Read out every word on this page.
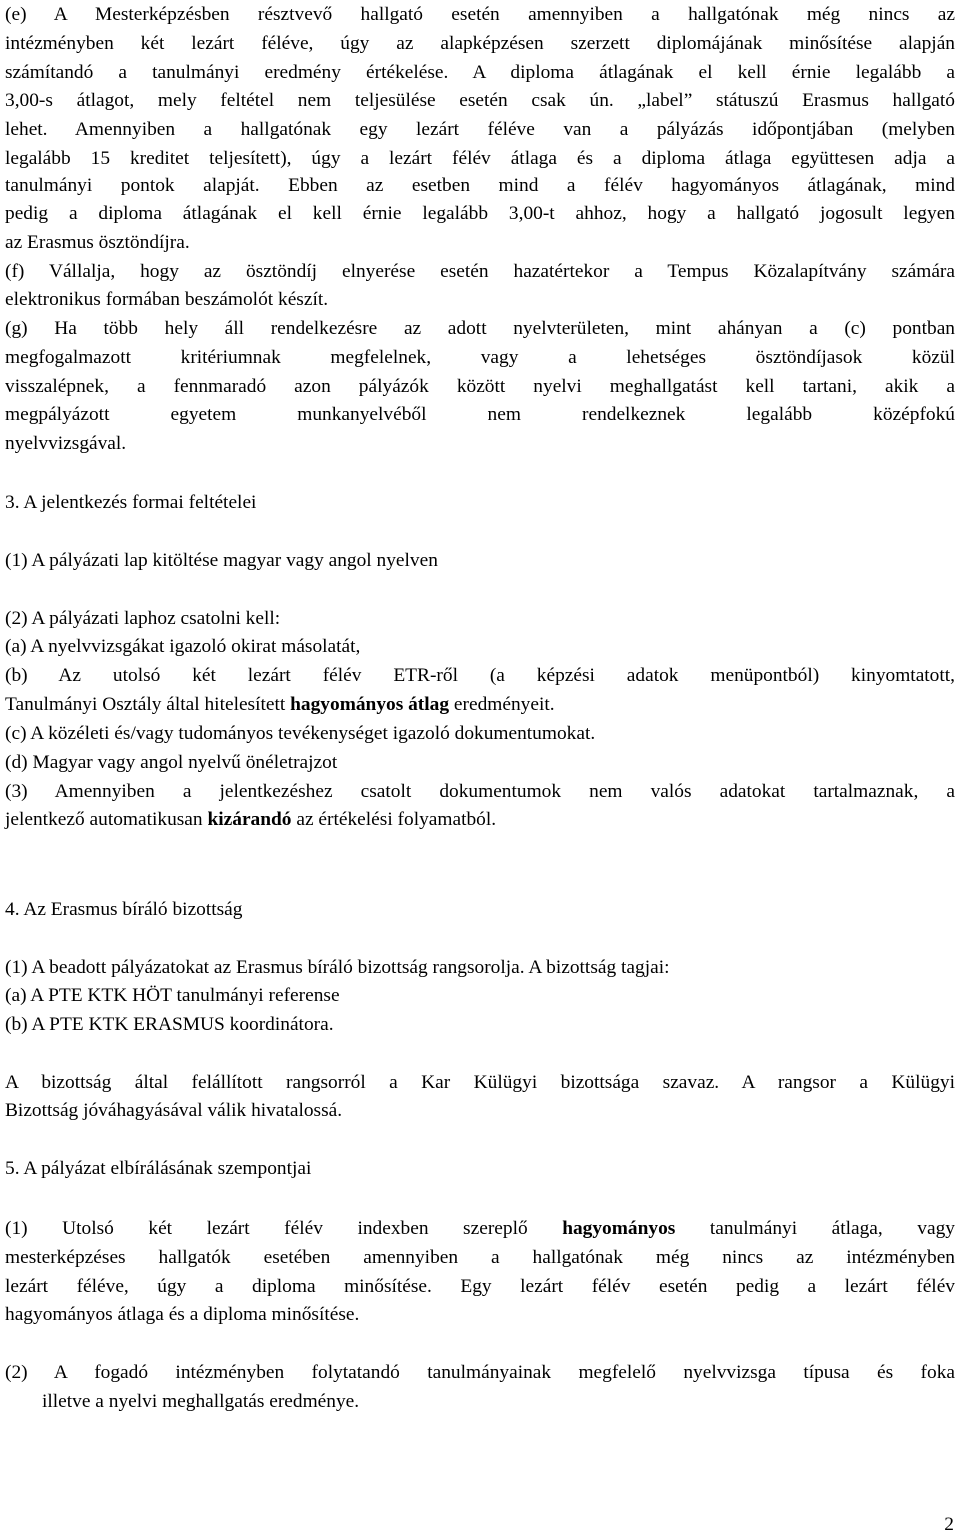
(e) A Mesterképzésben résztvevő hallgató esetén amennyiben a hallgatónak még nincs az
intézményben két lezárt féléve, úgy az alapképzésen szerzett diplomájának minősítése alapján
számítandó a tanulmányi eredmény értékelése. A diploma átlagának el kell érnie legalább a
3,00-s átlagot, mely feltétel nem teljesülése esetén csak ún. „label” státuszú Erasmus hallgató
lehet. Amennyiben a hallgatónak egy lezárt féléve van a pályázás időpontjában (melyben
legalább 15 kreditet teljesített), úgy a lezárt félév átlaga és a diploma átlaga együttesen adja a
tanulmányi pontok alapját. Ebben az esetben mind a félév hagyományos átlagának, mind
pedig a diploma átlagának el kell érnie legalább 3,00-t ahhoz, hogy a hallgató jogosult legyen
az Erasmus ösztöndíjra.
(f) Vállalja, hogy az ösztöndíj elnyerése esetén hazatértekor a Tempus Közalapítvány számára
elektronikus formában beszámolót készít.
(g) Ha több hely áll rendelkezésre az adott nyelvterületen, mint ahányan a (c) pontban
megfogalmazott kritériumnak megfelelnek, vagy a lehetséges ösztöndíjasok közül
visszalépnek, a fennmaradó azon pályázók között nyelvi meghallgatást kell tartani, akik a
megpályázott egyetem munkanyelvéből nem rendelkeznek legalább középfokú
nyelvvizsgával.
3. A jelentkezés formai feltételei
(1) A pályázati lap kitöltése magyar vagy angol nyelven
(2) A pályázati laphoz csatolni kell:
(a) A nyelvvizsgákat igazoló okirat másolatát,
(b) Az utolsó két lezárt félév ETR-ről (a képzési adatok menüpontból) kinyomtatott,
Tanulmányi Osztály által hitelesített hagyományos átlag eredményeit.
(c) A közéleti és/vagy tudományos tevékenységet igazoló dokumentumokat.
(d) Magyar vagy angol nyelvű önéletrajzot
(3) Amennyiben a jelentkezéshez csatolt dokumentumok nem valós adatokat tartalmaznak, a
jelentkező automatikusan kizárandó az értékelési folyamatból.
4. Az Erasmus bíráló bizottság
(1) A beadott pályázatokat az Erasmus bíráló bizottság rangsorolja. A bizottság tagjai:
(a) A PTE KTK HÖT tanulmányi referense
(b) A PTE KTK ERASMUS koordinátora.
A bizottság által felállított rangsorról a Kar Külügyi bizottsága szavaz. A rangsor a Külügyi
Bizottság jóváhagyásával válik hivatalossá.
5. A pályázat elbírálásának szempontjai
(1) Utolsó két lezárt félév indexben szereplő hagyományos tanulmányi átlaga, vagy
mesterképzéses hallgatók esetében amennyiben a hallgatónak még nincs az intézményben
lezárt féléve, úgy a diploma minősítése. Egy lezárt félév esetén pedig a lezárt félév
hagyományos átlaga és a diploma minősítése.
(2) A fogadó intézményben folytatandó tanulmányainak megfelelő nyelvvizsga típusa és foka
illetve a nyelvi meghallgatás eredménye.
2
